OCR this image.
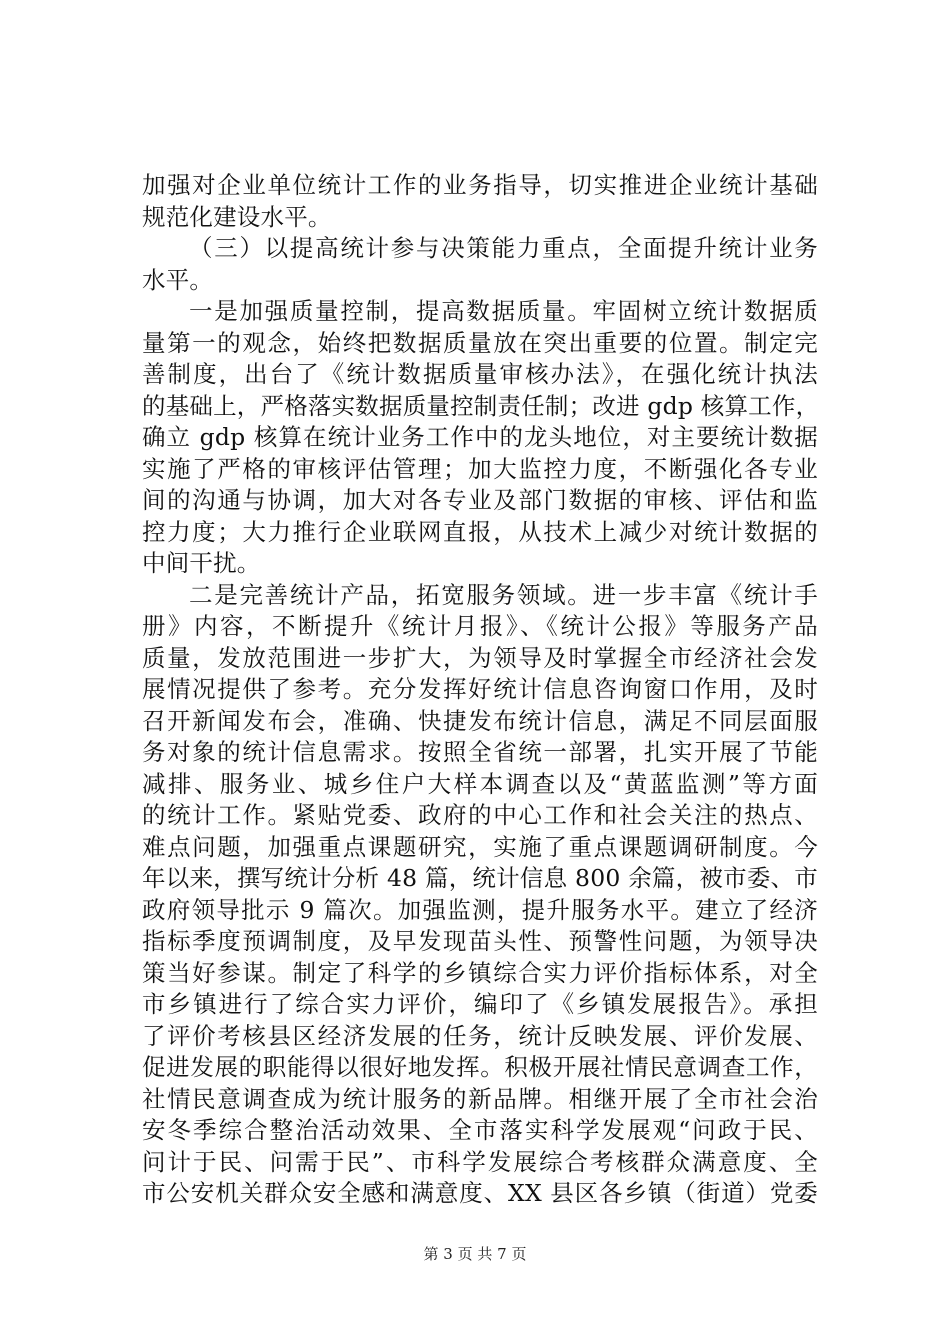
加强对企业单位统计工作的业务指导，切实推进企业统计基础
规范化建设水平。
（三）以提高统计参与决策能力重点，全面提升统计业务
水平。
一是加强质量控制，提高数据质量。牢固树立统计数据质
量第一的观念，始终把数据质量放在突出重要的位置。制定完
善制度，出台了《统计数据质量审核办法》，在强化统计执法
的基础上，严格落实数据质量控制责任制；改进 gdp 核算工作，
确立 gdp 核算在统计业务工作中的龙头地位，对主要统计数据
实施了严格的审核评估管理；加大监控力度，不断强化各专业
间的沟通与协调，加大对各专业及部门数据的审核、评估和监
控力度；大力推行企业联网直报，从技术上减少对统计数据的
中间干扰。
二是完善统计产品，拓宽服务领域。进一步丰富《统计手
册》内容，不断提升《统计月报》、《统计公报》等服务产品
质量，发放范围进一步扩大，为领导及时掌握全市经济社会发
展情况提供了参考。充分发挥好统计信息咨询窗口作用，及时
召开新闻发布会，准确、快捷发布统计信息，满足不同层面服
务对象的统计信息需求。按照全省统一部署，扎实开展了节能
减排、服务业、城乡住户大样本调查以及“黄蓝监测”等方面
的统计工作。紧贴党委、政府的中心工作和社会关注的热点、
难点问题，加强重点课题研究，实施了重点课题调研制度。今
年以来，撰写统计分析 48 篇，统计信息 800 余篇，被市委、市
政府领导批示 9 篇次。加强监测，提升服务水平。建立了经济
指标季度预调制度，及早发现苗头性、预警性问题，为领导决
策当好参谋。制定了科学的乡镇综合实力评价指标体系，对全
市乡镇进行了综合实力评价，编印了《乡镇发展报告》。承担
了评价考核县区经济发展的任务，统计反映发展、评价发展、
促进发展的职能得以很好地发挥。积极开展社情民意调查工作，
社情民意调查成为统计服务的新品牌。相继开展了全市社会治
安冬季综合整治活动效果、全市落实科学发展观“问政于民、
问计于民、问需于民”、市科学发展综合考核群众满意度、全
市公安机关群众安全感和满意度、XX 县区各乡镇（街道）党委
第 3 页 共 7 页
